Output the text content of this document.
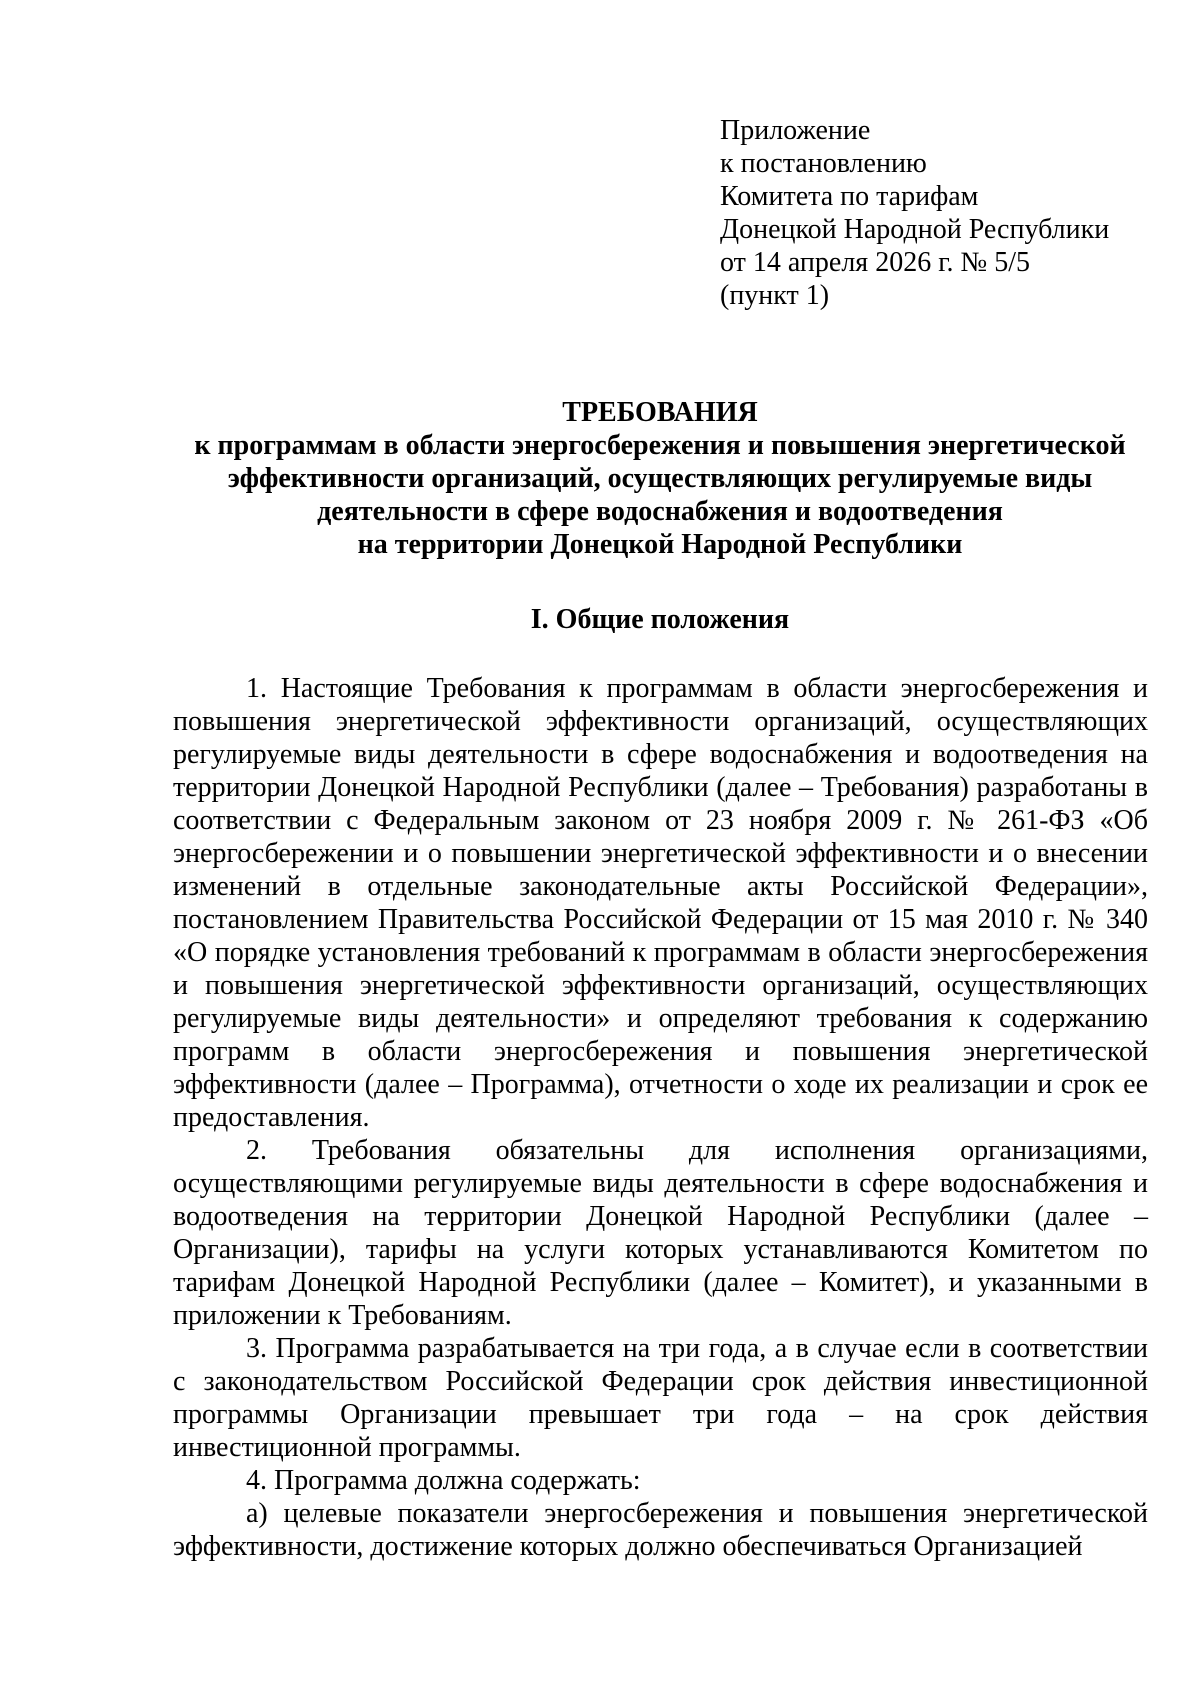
Приложение
к постановлению
Комитета по тарифам
Донецкой Народной Республики
от 14 апреля 2026 г. № 5/5
(пункт 1)
ТРЕБОВАНИЯ
к программам в области энергосбережения и повышения энергетической
эффективности организаций, осуществляющих регулируемые виды
деятельности в сфере водоснабжения и водоотведения
на территории Донецкой Народной Республики
I. Общие положения

1. Настоящие Требования к программам в области энергосбережения и повышения энергетической эффективности организаций, осуществляющих регулируемые виды деятельности в сфере водоснабжения и водоотведения на территории Донецкой Народной Республики (далее – Требования) разработаны в соответствии с Федеральным законом от 23 ноября 2009 г. № 261-ФЗ «Об энергосбережении и о повышении энергетической эффективности и о внесении изменений в отдельные законодательные акты Российской Федерации», постановлением Правительства Российской Федерации от 15 мая 2010 г. № 340 «О порядке установления требований к программам в области энергосбережения и повышения энергетической эффективности организаций, осуществляющих регулируемые виды деятельности» и определяют требования к содержанию программ в области энергосбережения и повышения энергетической эффективности (далее – Программа), отчетности о ходе их реализации и срок ее предоставления.

2. Требования обязательны для исполнения организациями, осуществляющими регулируемые виды деятельности в сфере водоснабжения и водоотведения на территории Донецкой Народной Республики (далее – Организации), тарифы на услуги которых устанавливаются Комитетом по тарифам Донецкой Народной Республики (далее – Комитет), и указанными в приложении к Требованиям.

3. Программа разрабатывается на три года, а в случае если в соответствии с законодательством Российской Федерации срок действия инвестиционной программы Организации превышает три года – на срок действия инвестиционной программы.

4. Программа должна содержать:

а) целевые показатели энергосбережения и повышения энергетической эффективности, достижение которых должно обеспечиваться Организацией
